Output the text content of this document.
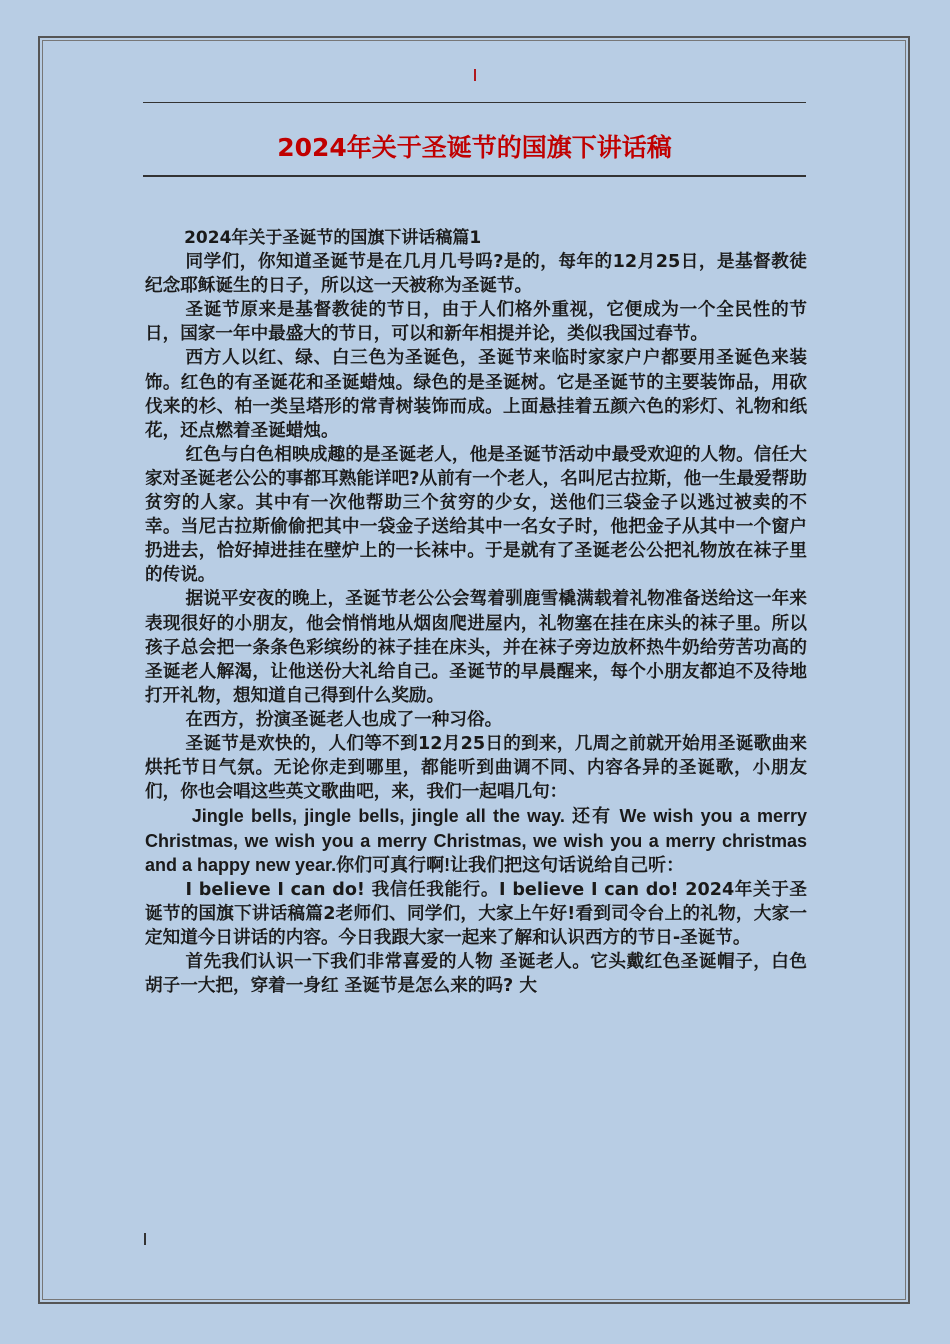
2024年关于圣诞节的国旗下讲话稿

2024年关于圣诞节的国旗下讲话稿篇1

同学们，你知道圣诞节是在几月几号吗?是的，每年的12月25日，是基督教徒纪念耶稣诞生的日子，所以这一天被称为圣诞节。

圣诞节原来是基督教徒的节日，由于人们格外重视，它便成为一个全民性的节日，国家一年中最盛大的节日，可以和新年相提并论，类似我国过春节。

西方人以红、绿、白三色为圣诞色，圣诞节来临时家家户户都要用圣诞色来装饰。红色的有圣诞花和圣诞蜡烛。绿色的是圣诞树。它是圣诞节的主要装饰品，用砍伐来的杉、柏一类呈塔形的常青树装饰而成。上面悬挂着五颜六色的彩灯、礼物和纸花，还点燃着圣诞蜡烛。

红色与白色相映成趣的是圣诞老人，他是圣诞节活动中最受欢迎的人物。信任大家对圣诞老公公的事都耳熟能详吧?从前有一个老人，名叫尼古拉斯，他一生最爱帮助贫穷的人家。其中有一次他帮助三个贫穷的少女，送他们三袋金子以逃过被卖的不幸。当尼古拉斯偷偷把其中一袋金子送给其中一名女子时，他把金子从其中一个窗户扔进去，恰好掉进挂在壁炉上的一长袜中。于是就有了圣诞老公公把礼物放在袜子里的传说。

据说平安夜的晚上，圣诞节老公公会驾着驯鹿雪橇满载着礼物准备送给这一年来表现很好的小朋友，他会悄悄地从烟囱爬进屋内，礼物塞在挂在床头的袜子里。所以孩子总会把一条条色彩缤纷的袜子挂在床头，并在袜子旁边放杯热牛奶给劳苦功高的圣诞老人解渴，让他送份大礼给自己。圣诞节的早晨醒来，每个小朋友都迫不及待地打开礼物，想知道自己得到什么奖励。

在西方，扮演圣诞老人也成了一种习俗。

圣诞节是欢快的，人们等不到12月25日的到来，几周之前就开始用圣诞歌曲来烘托节日气氛。无论你走到哪里，都能听到曲调不同、内容各异的圣诞歌，小朋友们，你也会唱这些英文歌曲吧，来，我们一起唱几句：

Jingle bells, jingle bells, jingle all the way. 还有 We wish you a merry Christmas, we wish you a merry Christmas, we wish you a merry christmas and a happy new year.你们可真行啊!让我们把这句话说给自己听：

I believe I can do! 我信任我能行。I believe I can do! 2024年关于圣诞节的国旗下讲话稿篇2老师们、同学们，大家上午好!看到司令台上的礼物，大家一定知道今日讲话的内容。今日我跟大家一起来了解和认识西方的节日-圣诞节。

首先我们认识一下我们非常喜爱的人物 圣诞老人。它头戴红色圣诞帽子，白色胡子一大把，穿着一身红 圣诞节是怎么来的吗? 大
